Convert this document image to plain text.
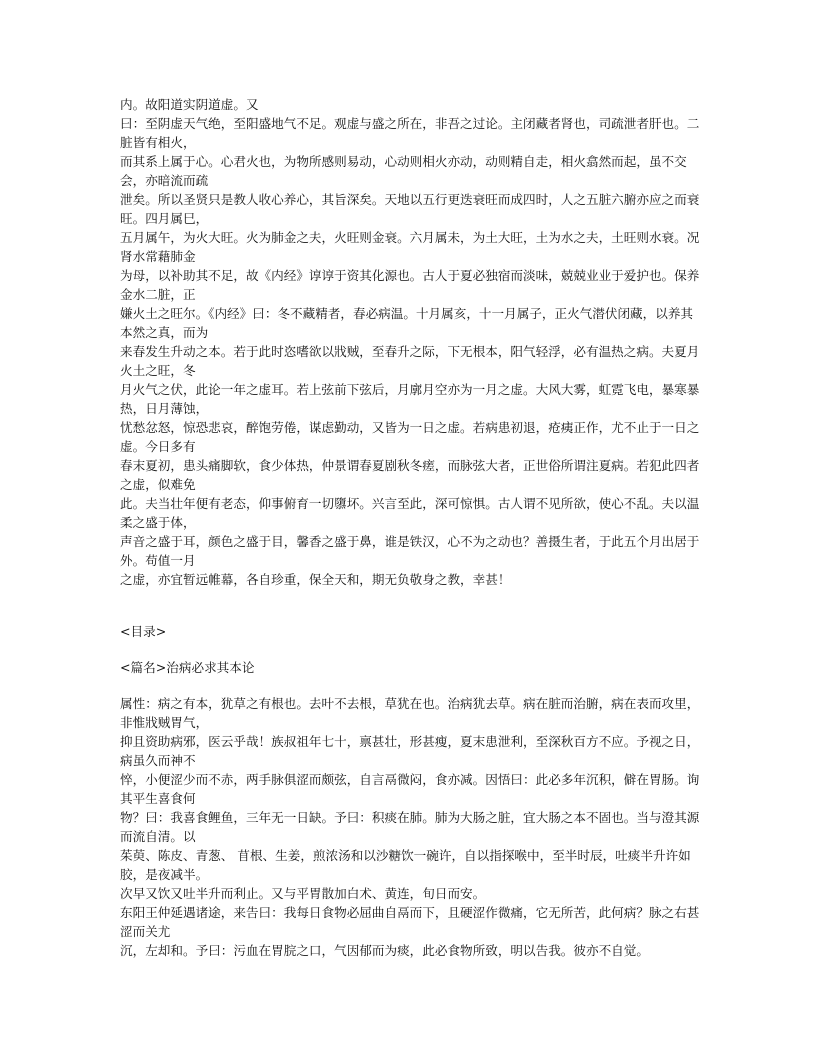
内。故阳道实阴道虚。又

曰：至阴虚天气绝，至阳盛地气不足。观虚与盛之所在，非吾之过论。主闭藏者肾也，司疏泄者肝也。二脏皆有相火，

而其系上属于心。心君火也，为物所感则易动，心动则相火亦动，动则精自走，相火翕然而起，虽不交会，亦暗流而疏

泄矣。所以圣贤只是教人收心养心，其旨深矣。天地以五行更迭衰旺而成四时，人之五脏六腑亦应之而衰旺。四月属巳，

五月属午，为火大旺。火为肺金之夫，火旺则金衰。六月属未，为土大旺，土为水之夫，土旺则水衰。况肾水常藉肺金

为母，以补助其不足，故《内经》谆谆于资其化源也。古人于夏必独宿而淡味，兢兢业业于爱护也。保养金水二脏，正

嫌火土之旺尔。《内经》曰：冬不藏精者，春必病温。十月属亥，十一月属子，正火气潜伏闭藏，以养其本然之真，而为

来春发生升动之本。若于此时恣嗜欲以戕贼，至春升之际，下无根本，阳气轻浮，必有温热之病。夫夏月火土之旺，冬

月火气之伏，此论一年之虚耳。若上弦前下弦后，月廓月空亦为一月之虚。大风大雾，虹霓飞电，暴寒暴热，日月薄蚀，

忧愁忿怒，惊恐悲哀，醉饱劳倦，谋虑勤动，又皆为一日之虚。若病患初退，疮痍正作，尤不止于一日之虚。今日多有

春末夏初，患头痛脚软，食少体热，仲景谓春夏剧秋冬瘥，而脉弦大者，正世俗所谓注夏病。若犯此四者之虚，似难免

此。夫当壮年便有老态，仰事俯育一切隳坏。兴言至此，深可惊惧。古人谓不见所欲，使心不乱。夫以温柔之盛于体，

声音之盛于耳，颜色之盛于目，馨香之盛于鼻，谁是铁汉，心不为之动也？善摄生者，于此五个月出居于外。苟值一月

之虚，亦宜暂远帷幕，各自珍重，保全天和，期无负敬身之教，幸甚！

<目录>

<篇名>治病必求其本论

属性：病之有本，犹草之有根也。去叶不去根，草犹在也。治病犹去草。病在脏而治腑，病在表而攻里，非惟戕贼胃气，

抑且资助病邪，医云乎哉！族叔祖年七十，禀甚壮，形甚瘦，夏末患泄利，至深秋百方不应。予视之日，病虽久而神不

悴，小便涩少而不赤，两手脉俱涩而颇弦，自言鬲微闷，食亦减。因悟曰：此必多年沉积，僻在胃肠。询其平生喜食何

物？曰：我喜食鲤鱼，三年无一日缺。予曰：积痰在肺。肺为大肠之脏，宜大肠之本不固也。当与澄其源而流自清。以

茱萸、陈皮、青葱、 苜根、生姜，煎浓汤和以沙糖饮一碗许，自以指探喉中，至半时辰，吐痰半升许如胶，是夜减半。

次早又饮又吐半升而利止。又与平胃散加白术、黄连，旬日而安。

东阳王仲延遇诸途，来告曰：我每日食物必屈曲自鬲而下，且硬涩作微痛，它无所苦，此何病？脉之右甚涩而关尤

沉，左却和。予曰：污血在胃脘之口，气因郁而为痰，此必食物所致，明以告我。彼亦不自觉。
